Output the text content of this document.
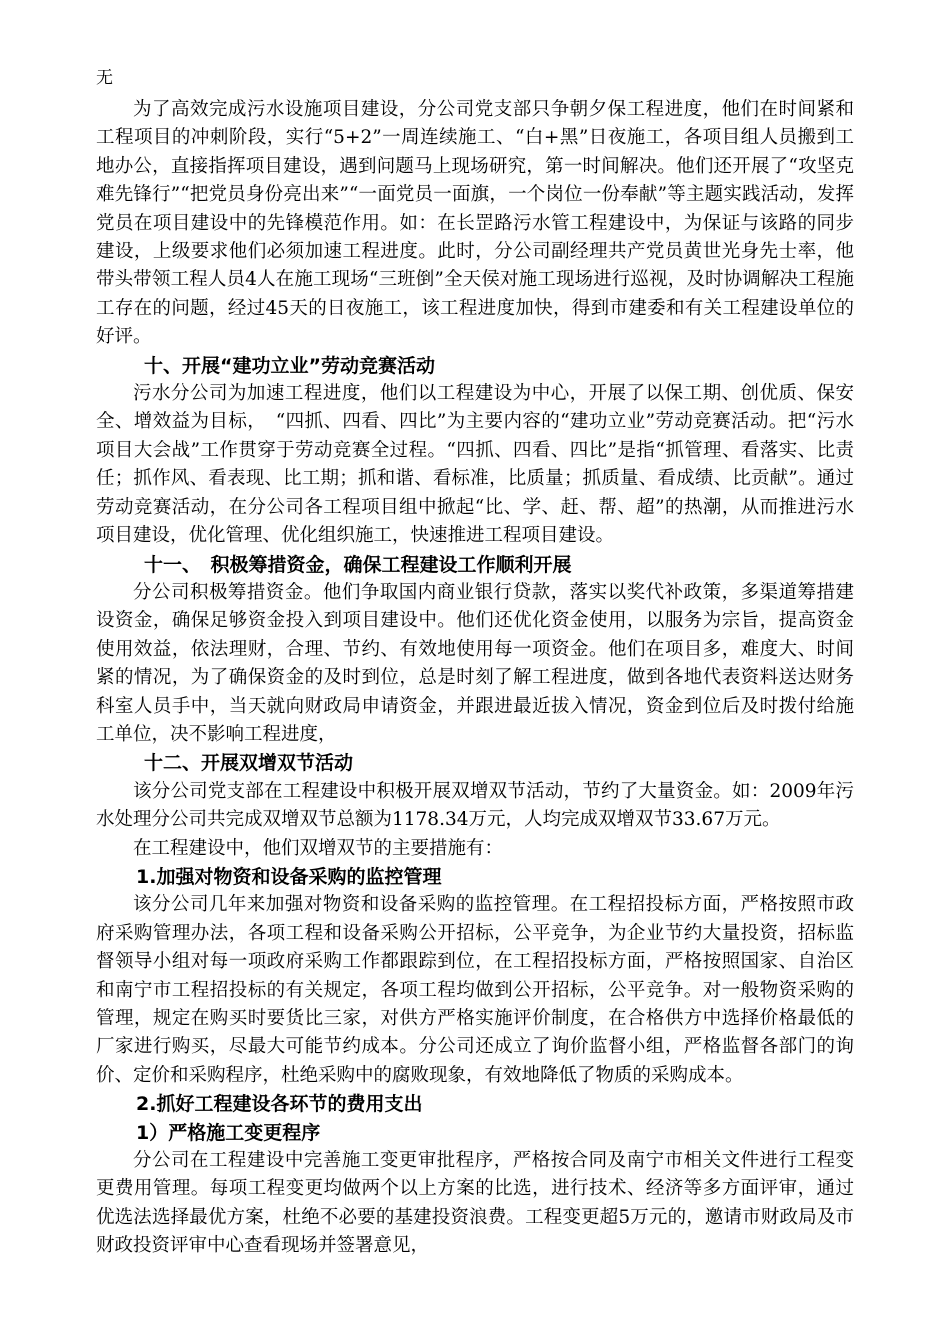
无

为了高效完成污水设施项目建设，分公司党支部只争朝夕保工程进度，他们在时间紧和工程项目的冲刺阶段，实行“5+2”一周连续施工、“白+黑”日夜施工，各项目组人员搬到工地办公，直接指挥项目建设，遇到问题马上现场研究，第一时间解决。他们还开展了“攻坚克难先锋行”“把党员身份亮出来”“一面党员一面旗，一个岗位一份奉献”等主题实践活动，发挥党员在项目建设中的先锋模范作用。如：在长罡路污水管工程建设中，为保证与该路的同步建设，上级要求他们必须加速工程进度。此时，分公司副经理共产党员黄世光身先士率，他带头带领工程人员4人在施工现场“三班倒”全天侯对施工现场进行巡视，及时协调解决工程施工存在的问题，经过45天的日夜施工，该工程进度加快，得到市建委和有关工程建设单位的好评。

十、开展“建功立业”劳动竞赛活动

污水分公司为加速工程进度，他们以工程建设为中心，开展了以保工期、创优质、保安全、增效益为目标，　“四抓、四看、四比”为主要内容的“建功立业”劳动竞赛活动。把“污水项目大会战”工作贯穿于劳动竞赛全过程。“四抓、四看、四比”是指“抓管理、看落实、比责任；抓作风、看表现、比工期；抓和谐、看标准，比质量；抓质量、看成绩、比贡献”。通过劳动竞赛活动，在分公司各工程项目组中掀起“比、学、赶、帮、超”的热潮，从而推进污水项目建设，优化管理、优化组织施工，快速推进工程项目建设。

十一、　积极筹措资金，确保工程建设工作顺利开展

分公司积极筹措资金。他们争取国内商业银行贷款，落实以奖代补政策，多渠道筹措建设资金，确保足够资金投入到项目建设中。他们还优化资金使用，以服务为宗旨，提高资金使用效益，依法理财，合理、节约、有效地使用每一项资金。他们在项目多，难度大、时间紧的情况，为了确保资金的及时到位，总是时刻了解工程进度，做到各地代表资料送达财务科室人员手中，当天就向财政局申请资金，并跟进最近拔入情况，资金到位后及时拨付给施工单位，决不影响工程进度，

十二、开展双增双节活动

该分公司党支部在工程建设中积极开展双增双节活动，节约了大量资金。如：2009年污水处理分公司共完成双增双节总额为1178.34万元，人均完成双增双节33.67万元。

在工程建设中，他们双增双节的主要措施有：

1.加强对物资和设备采购的监控管理

该分公司几年来加强对物资和设备采购的监控管理。在工程招投标方面，严格按照市政府采购管理办法，各项工程和设备采购公开招标，公平竞争，为企业节约大量投资，招标监督领导小组对每一项政府采购工作都跟踪到位，在工程招投标方面，严格按照国家、自治区和南宁市工程招投标的有关规定，各项工程均做到公开招标，公平竞争。对一般物资采购的管理，规定在购买时要货比三家，对供方严格实施评价制度，在合格供方中选择价格最低的厂家进行购买，尽最大可能节约成本。分公司还成立了询价监督小组，严格监督各部门的询价、定价和采购程序，杜绝采购中的腐败现象，有效地降低了物质的采购成本。

2.抓好工程建设各环节的费用支出

1）严格施工变更程序

分公司在工程建设中完善施工变更审批程序，严格按合同及南宁市相关文件进行工程变更费用管理。每项工程变更均做两个以上方案的比选，进行技术、经济等多方面评审，通过优选法选择最优方案，杜绝不必要的基建投资浪费。工程变更超5万元的，邀请市财政局及市财政投资评审中心查看现场并签署意见，
